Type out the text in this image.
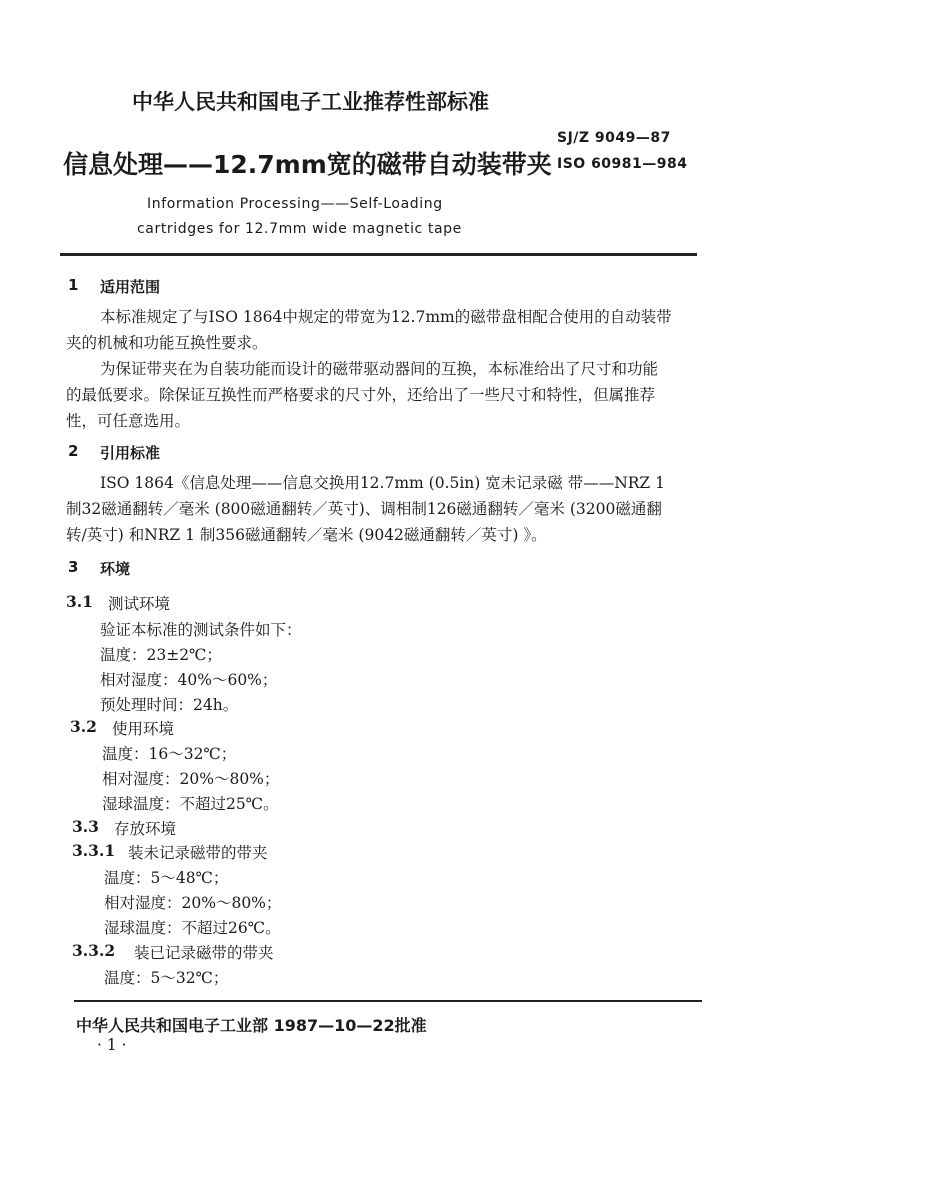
中华人民共和国电子工业推荐性部标准
信息处理——12.7mm宽的磁带自动装带夹
SJ/Z 9049—87
ISO 60981—984
Information Processing——Self-Loading
cartridges for 12.7mm wide magnetic tape
1 适用范围
本标准规定了与ISO 1864中规定的带宽为12.7mm的磁带盘相配合使用的自动装带
夹的机械和功能互换性要求。
为保证带夹在为自装功能而设计的磁带驱动器间的互换，本标准给出了尺寸和功能
的最低要求。除保证互换性而严格要求的尺寸外，还给出了一些尺寸和特性，但属推荐
性，可任意选用。
2 引用标准
ISO 1864《信息处理——信息交换用12.7mm (0.5in) 宽未记录磁 带——NRZ 1
制32磁通翻转／毫米 (800磁通翻转／英寸)、调相制126磁通翻转／毫米 (3200磁通翻
转/英寸) 和NRZ 1 制356磁通翻转／毫米 (9042磁通翻转／英寸) 》。
3 环境
3.1 测试环境
验证本标准的测试条件如下：
温度：23±2℃；
相对湿度：40%～60%；
预处理时间：24h。
3.2 使用环境
温度：16～32℃；
相对湿度：20%～80%；
湿球温度：不超过25℃。
3.3 存放环境
3.3.1 装未记录磁带的带夹
温度：5～48℃；
相对湿度：20%～80%；
湿球温度：不超过26℃。
3.3.2 装已记录磁带的带夹
温度：5～32℃；
中华人民共和国电子工业部 1987—10—22批准
· 1 ·
